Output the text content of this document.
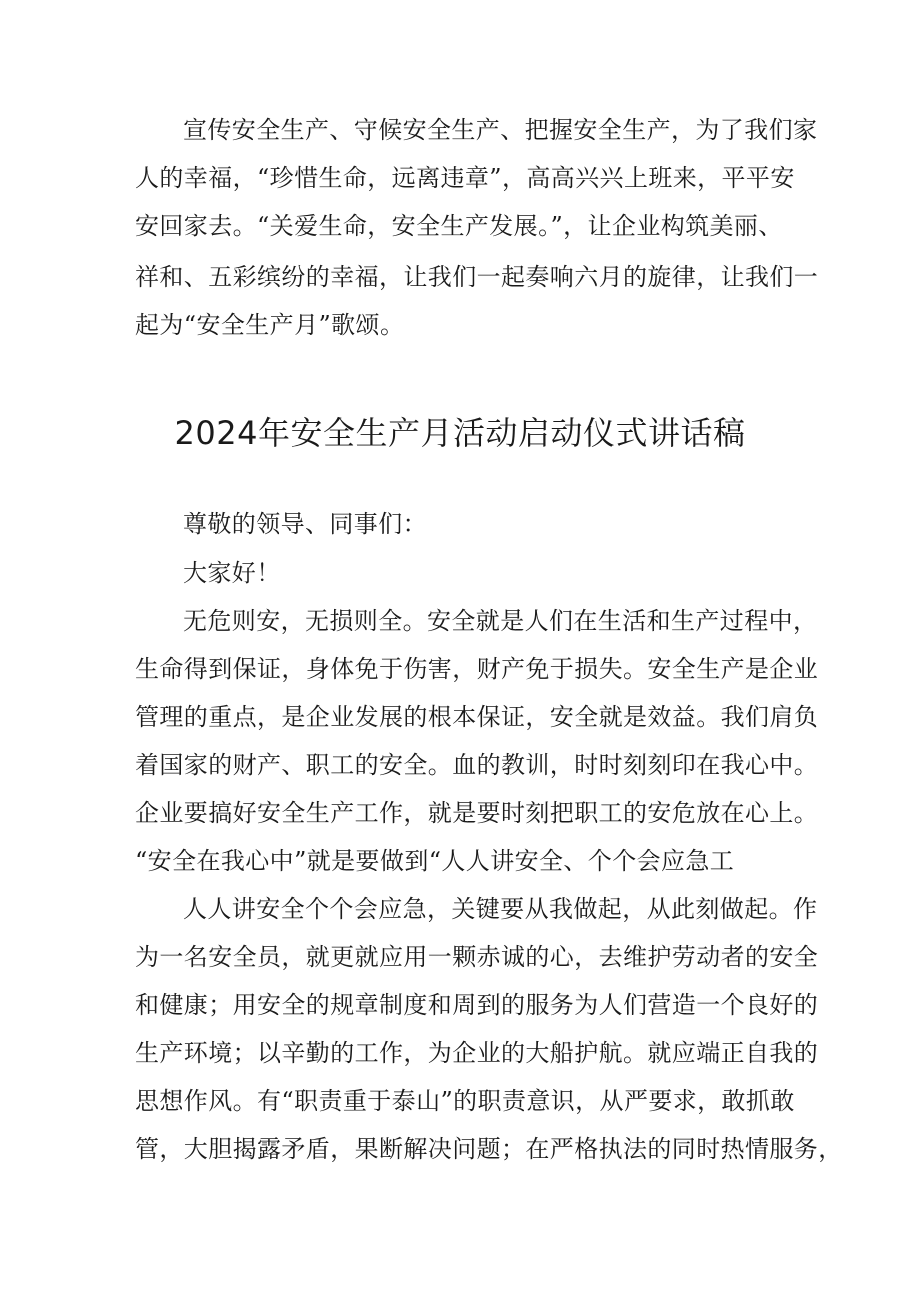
宣传安全生产、守候安全生产、把握安全生产，为了我们家
人的幸福，“珍惜生命，远离违章”，高高兴兴上班来，平平安
安回家去。“关爱生命，安全生产发展。”，让企业构筑美丽、
祥和、五彩缤纷的幸福，让我们一起奏响六月的旋律，让我们一
起为“安全生产月”歌颂。
2024年安全生产月活动启动仪式讲话稿
尊敬的领导、同事们：
大家好！
无危则安，无损则全。安全就是人们在生活和生产过程中，
生命得到保证，身体免于伤害，财产免于损失。安全生产是企业
管理的重点，是企业发展的根本保证，安全就是效益。我们肩负
着国家的财产、职工的安全。血的教训，时时刻刻印在我心中。
企业要搞好安全生产工作，就是要时刻把职工的安危放在心上。
“安全在我心中”就是要做到“人人讲安全、个个会应急工
人人讲安全个个会应急，关键要从我做起，从此刻做起。作
为一名安全员，就更就应用一颗赤诚的心，去维护劳动者的安全
和健康；用安全的规章制度和周到的服务为人们营造一个良好的
生产环境；以辛勤的工作，为企业的大船护航。就应端正自我的
思想作风。有“职责重于泰山”的职责意识，从严要求，敢抓敢
管，大胆揭露矛盾，果断解决问题；在严格执法的同时热情服务，
